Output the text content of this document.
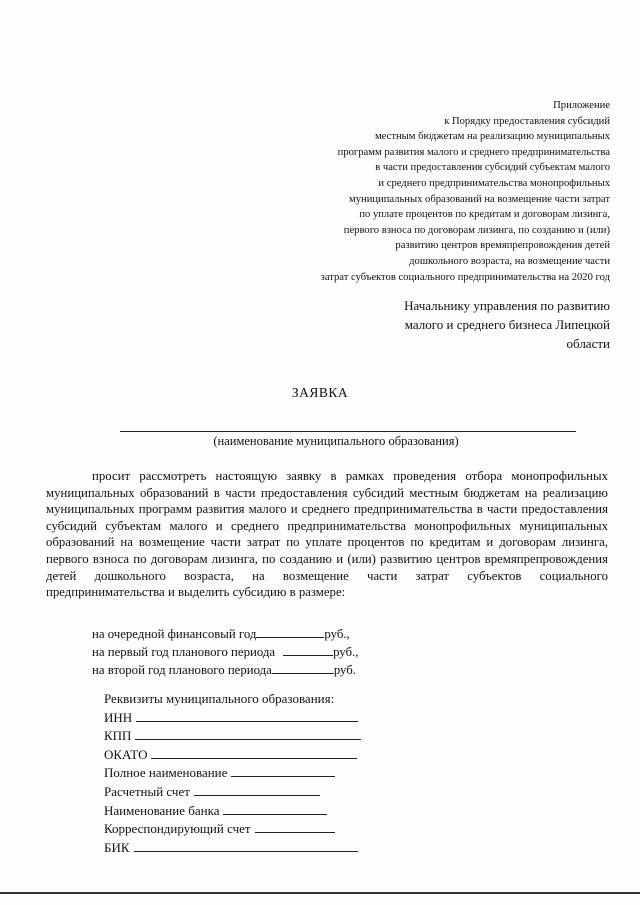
Приложение
к Порядку предоставления субсидий
местным бюджетам на реализацию муниципальных
программ развития малого и среднего предпринимательства
в части предоставления субсидий субъектам малого
и среднего предпринимательства монопрофильных
муниципальных образований на возмещение части затрат
по уплате процентов по кредитам и договорам лизинга,
первого взноса по договорам лизинга, по созданию и (или)
развитию центров времяпрепровождения детей
дошкольного возраста, на возмещение части
затрат субъектов социального предпринимательства на 2020 год
Начальнику управления по развитию
малого и среднего бизнеса Липецкой
области
ЗАЯВКА
(наименование муниципального образования)
просит рассмотреть настоящую заявку в рамках проведения отбора монопрофильных муниципальных образований в части предоставления субсидий местным бюджетам на реализацию муниципальных программ развития малого и среднего предпринимательства в части предоставления субсидий субъектам малого и среднего предпринимательства монопрофильных муниципальных образований на возмещение части затрат по уплате процентов по кредитам и договорам лизинга, первого взноса по договорам лизинга, по созданию и (или) развитию центров времяпрепровождения детей дошкольного возраста, на возмещение части затрат субъектов социального предпринимательства и выделить субсидию в размере:
на очередной финансовый год	руб.,
на первый год планового периода	руб.,
на второй год планового периода	руб.
Реквизиты муниципального образования:
ИНН
КПП
ОКАТО
Полное наименование
Расчетный счет
Наименование банка
Корреспондирующий счет
БИК
